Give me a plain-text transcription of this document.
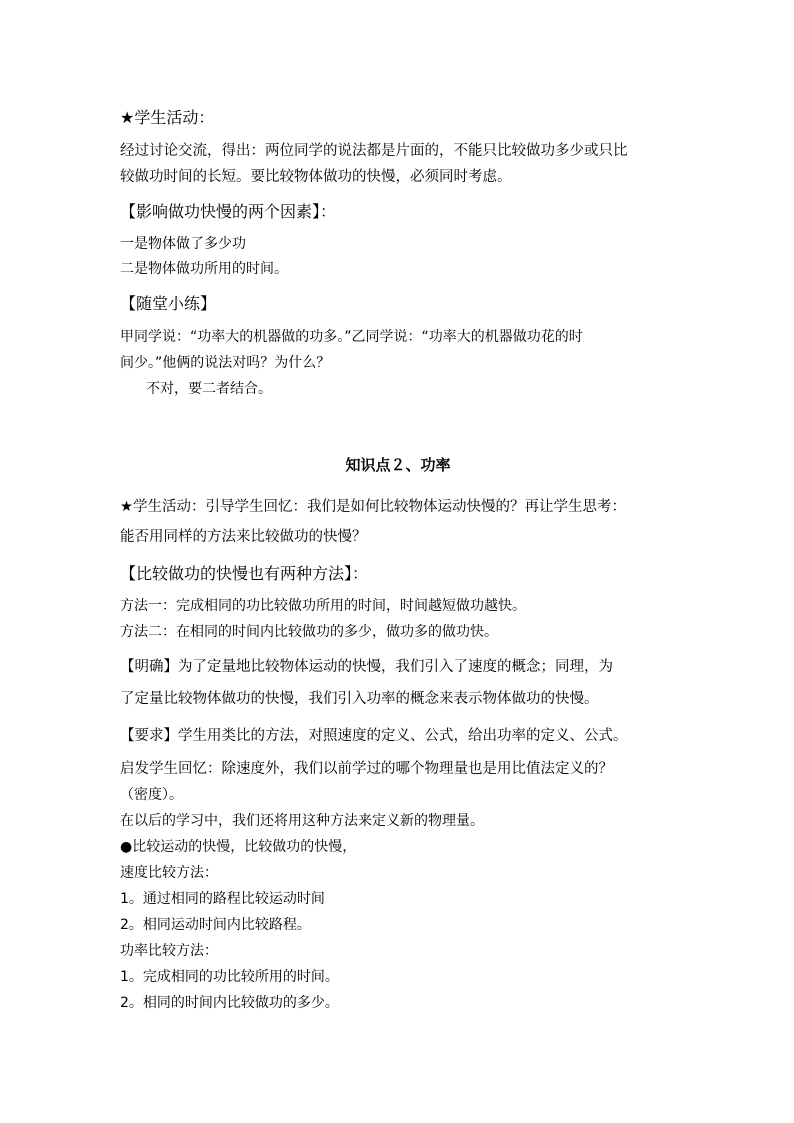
★学生活动：
经过讨论交流，得出：两位同学的说法都是片面的，不能只比较做功多少或只比
较做功时间的长短。要比较物体做功的快慢，必须同时考虑。
【影响做功快慢的两个因素】：
一是物体做了多少功
二是物体做功所用的时间。
【随堂小练】
甲同学说：“功率大的机器做的功多。”乙同学说：“功率大的机器做功花的时
间少。”他俩的说法对吗？为什么？
不对，要二者结合。
知识点２、功率
★学生活动：引导学生回忆：我们是如何比较物体运动快慢的？再让学生思考：
能否用同样的方法来比较做功的快慢？
【比较做功的快慢也有两种方法】：
方法一：完成相同的功比较做功所用的时间，时间越短做功越快。
方法二：在相同的时间内比较做功的多少，做功多的做功快。
【明确】为了定量地比较物体运动的快慢，我们引入了速度的概念；同理，为
了定量比较物体做功的快慢，我们引入功率的概念来表示物体做功的快慢。
【要求】学生用类比的方法，对照速度的定义、公式，给出功率的定义、公式。
启发学生回忆：除速度外，我们以前学过的哪个物理量也是用比值法定义的？
（密度）。
在以后的学习中，我们还将用这种方法来定义新的物理量。
●比较运动的快慢，比较做功的快慢，
速度比较方法：
1。通过相同的路程比较运动时间
2。相同运动时间内比较路程。
功率比较方法：
1。完成相同的功比较所用的时间。
2。相同的时间内比较做功的多少。
